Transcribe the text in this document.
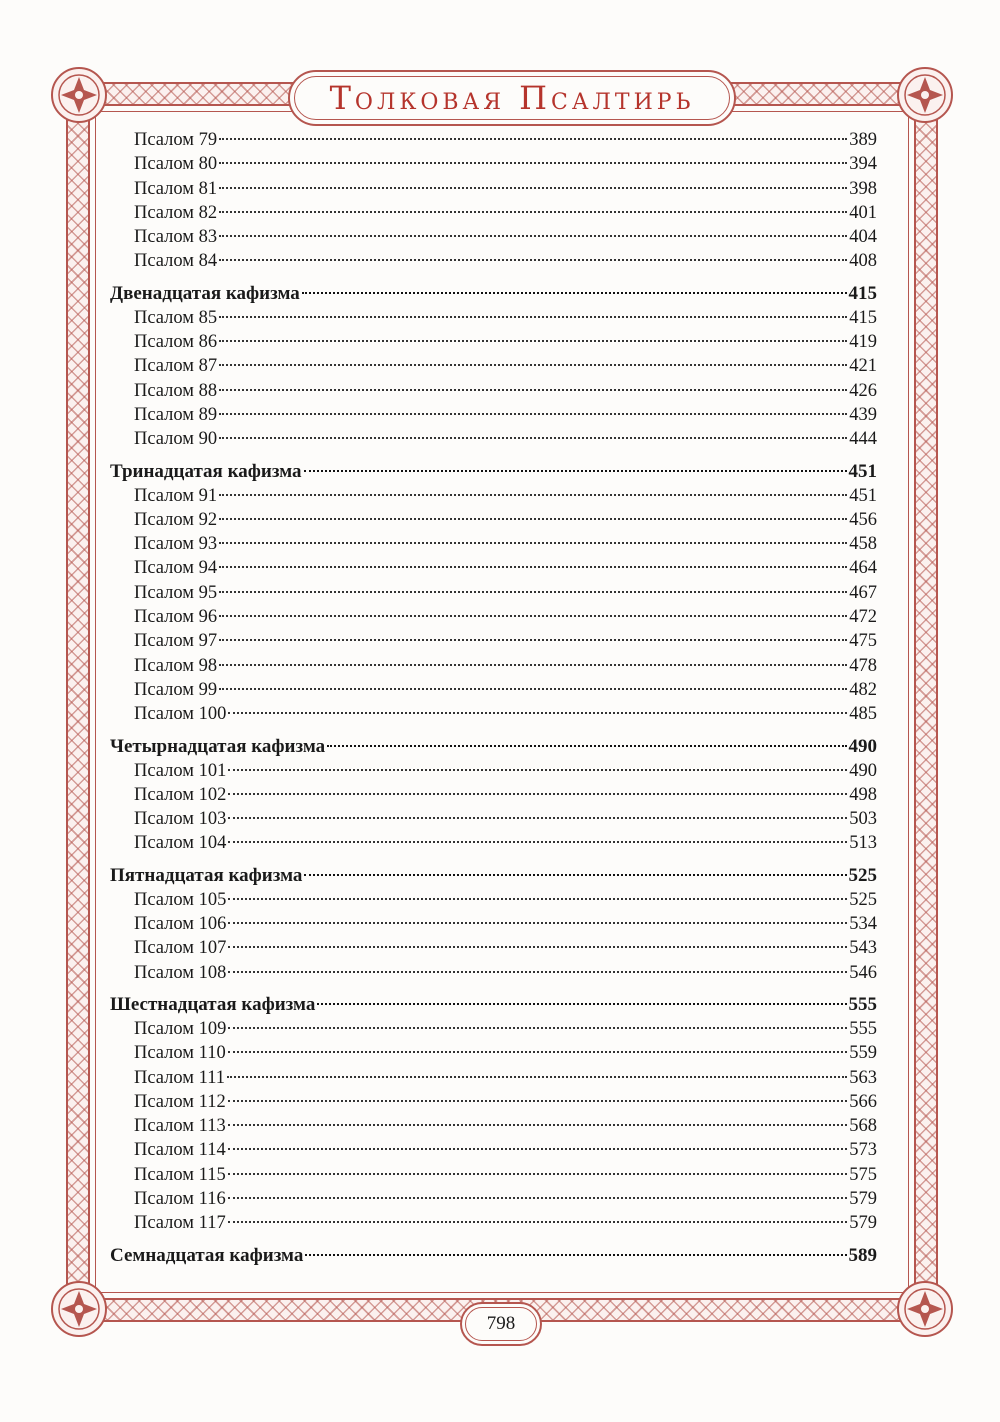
Толковая Псалтирь
Псалом 79	389
Псалом 80	394
Псалом 81	398
Псалом 82	401
Псалом 83	404
Псалом 84	408
Двенадцатая кафизма	415
Псалом 85	415
Псалом 86	419
Псалом 87	421
Псалом 88	426
Псалом 89	439
Псалом 90	444
Тринадцатая кафизма	451
Псалом 91	451
Псалом 92	456
Псалом 93	458
Псалом 94	464
Псалом 95	467
Псалом 96	472
Псалом 97	475
Псалом 98	478
Псалом 99	482
Псалом 100	485
Четырнадцатая кафизма	490
Псалом 101	490
Псалом 102	498
Псалом 103	503
Псалом 104	513
Пятнадцатая кафизма	525
Псалом 105	525
Псалом 106	534
Псалом 107	543
Псалом 108	546
Шестнадцатая кафизма	555
Псалом 109	555
Псалом 110	559
Псалом 111	563
Псалом 112	566
Псалом 113	568
Псалом 114	573
Псалом 115	575
Псалом 116	579
Псалом 117	579
Семнадцатая кафизма	589
798
